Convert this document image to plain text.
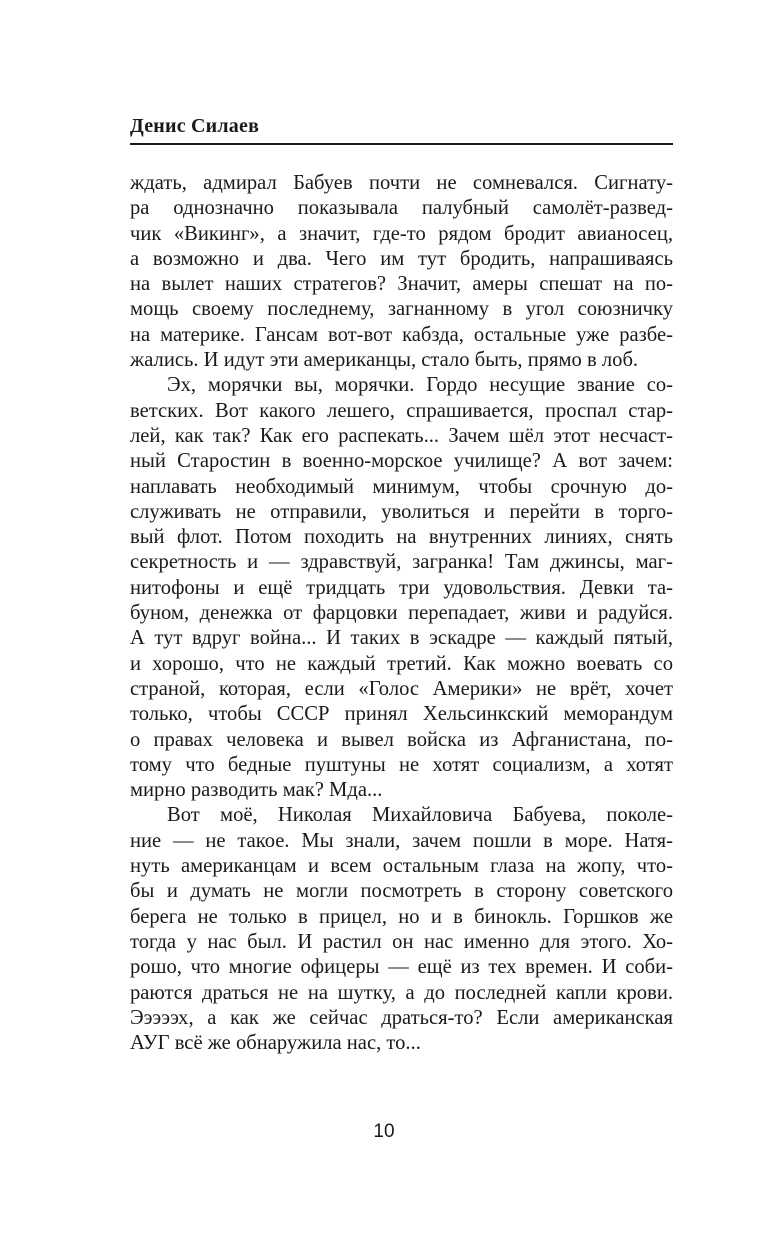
Денис Силаев
ждать, адмирал Бабуев почти не сомневался. Сигнату-
ра однозначно показывала палубный самолёт-развед-
чик «Викинг», а значит, где-то рядом бродит авианосец,
а возможно и два. Чего им тут бродить, напрашиваясь
на вылет наших стратегов? Значит, амеры спешат на по-
мощь своему последнему, загнанному в угол союзничку
на материке. Гансам вот-вот кабзда, остальные уже разбе-
жались. И идут эти американцы, стало быть, прямо в лоб.
Эх, морячки вы, морячки. Гордо несущие звание со-
ветских. Вот какого лешего, спрашивается, проспал стар-
лей, как так? Как его распекать... Зачем шёл этот несчаст-
ный Старостин в военно-морское училище? А вот зачем:
наплавать необходимый минимум, чтобы срочную до-
служивать не отправили, уволиться и перейти в торго-
вый флот. Потом походить на внутренних линиях, снять
секретность и — здравствуй, загранка! Там джинсы, маг-
нитофоны и ещё тридцать три удовольствия. Девки та-
буном, денежка от фарцовки перепадает, живи и радуйся.
А тут вдруг война... И таких в эскадре — каждый пятый,
и хорошо, что не каждый третий. Как можно воевать со
страной, которая, если «Голос Америки» не врёт, хочет
только, чтобы СССР принял Хельсинкский меморандум
о правах человека и вывел войска из Афганистана, по-
тому что бедные пуштуны не хотят социализм, а хотят
мирно разводить мак? Мда...
Вот моё, Николая Михайловича Бабуева, поколе-
ние — не такое. Мы знали, зачем пошли в море. Натя-
нуть американцам и всем остальным глаза на жопу, что-
бы и думать не могли посмотреть в сторону советского
берега не только в прицел, но и в бинокль. Горшков же
тогда у нас был. И растил он нас именно для этого. Хо-
рошо, что многие офицеры — ещё из тех времен. И соби-
раются драться не на шутку, а до последней капли крови.
Эээээх, а как же сейчас драться-то? Если американская
АУГ всё же обнаружила нас, то...
10
